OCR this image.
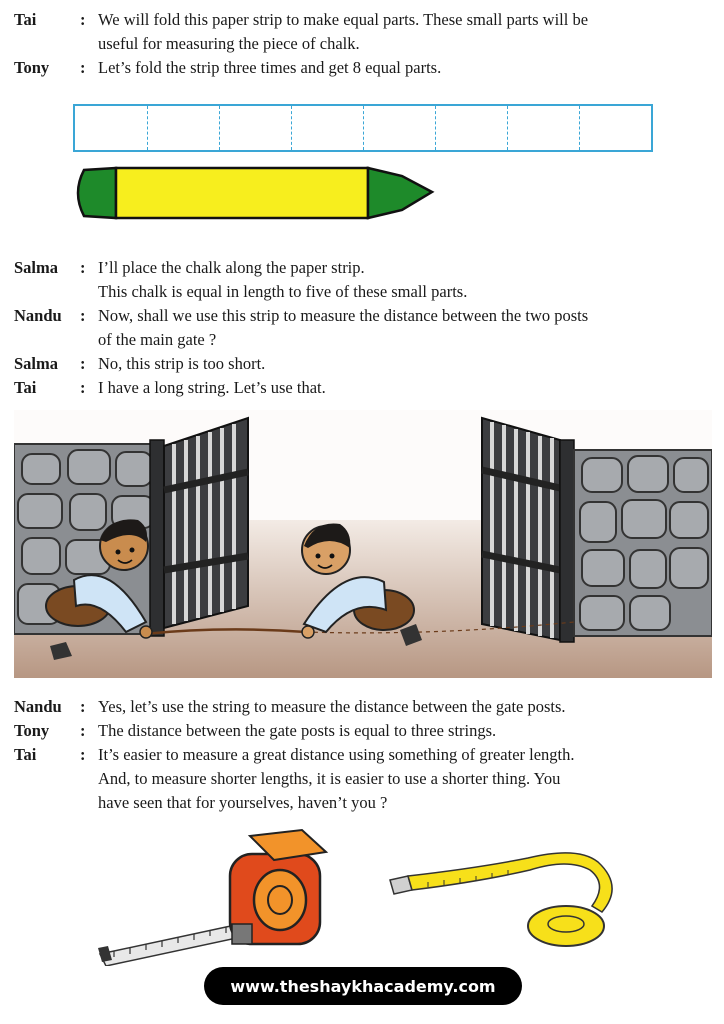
Tai	: We will fold this paper strip to make equal parts. These small parts will be
useful for measuring the piece of chalk.
Tony	: Let’s fold the strip three times and get 8 equal parts.
Salma	: I’ll place the chalk along the paper strip.
This chalk is equal in length to five of these small parts.
Nandu	: Now, shall we use this strip to measure the distance between the two posts
of the main gate ?
Salma	: No, this strip is too short.
Tai	: I have a long string. Let’s use that.
Nandu	: Yes, let’s use the string to measure the distance between the gate posts.
Tony	: The distance between the gate posts is equal to three strings.
Tai	: It’s easier to measure a great distance using something of greater length.
And, to measure shorter lengths, it is easier to use a shorter thing. You
have seen that for yourselves, haven’t you ?
www.theshaykhacademy.com
